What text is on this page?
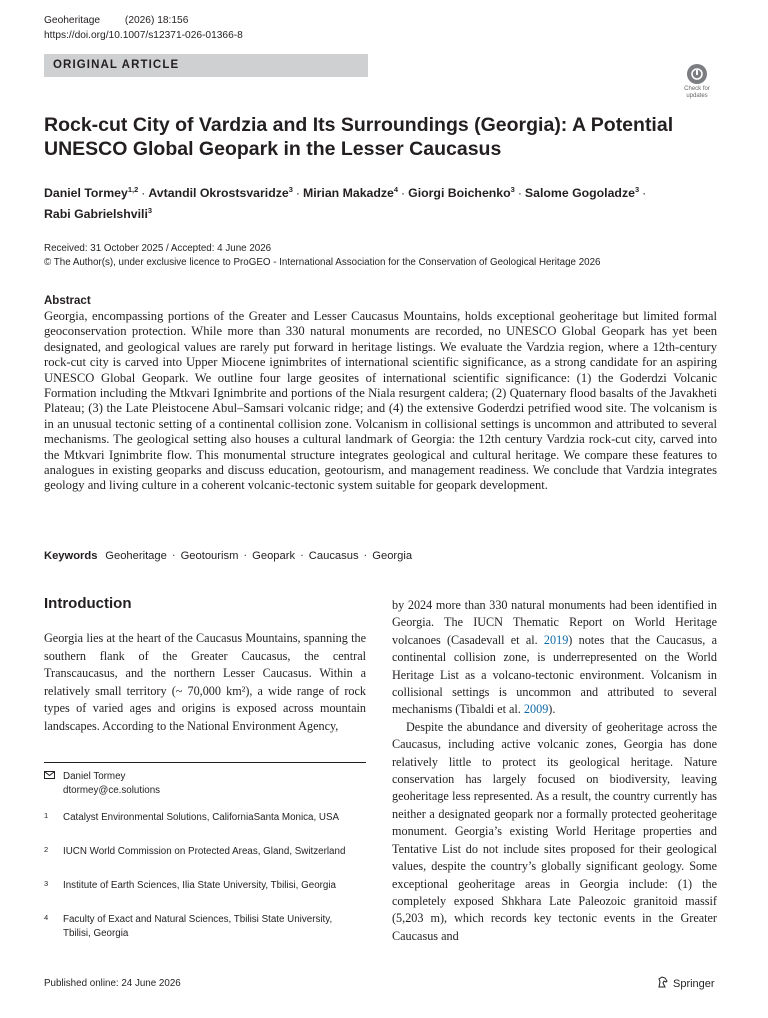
Geoheritage (2026) 18:156
https://doi.org/10.1007/s12371-026-01366-8
ORIGINAL ARTICLE
Check for
updates
Rock-cut City of Vardzia and Its Surroundings (Georgia): A Potential
UNESCO Global Geopark in the Lesser Caucasus
Daniel Tormey$^{1,2}$ · Avtandil Okrostsvaridze$^3$ · Mirian Makadze$^4$ · Giorgi Boichenko$^3$ · Salome Gogoladze$^3$ ·
Rabi Gabrielshvili$^3$
Received: 31 October 2025 / Accepted: 4 June 2026
© The Author(s), under exclusive licence to ProGEO - International Association for the Conservation of Geological Heritage 2026
Abstract

Georgia, encompassing portions of the Greater and Lesser Caucasus Mountains, holds exceptional geoheritage but limited formal geoconservation protection. While more than 330 natural monuments are recorded, no UNESCO Global Geopark has yet been designated, and geological values are rarely put forward in heritage listings. We evaluate the Vardzia region, where a 12th-century rock-cut city is carved into Upper Miocene ignimbrites of international scientific significance, as a strong candidate for an aspiring UNESCO Global Geopark. We outline four large geosites of international scientific significance: (1) the Goderdzi Volcanic Formation including the Mtkvari Ignimbrite and portions of the Niala resurgent caldera; (2) Quaternary flood basalts of the Javakheti Plateau; (3) the Late Pleistocene Abul–Samsari volcanic ridge; and (4) the extensive Goderdzi petrified wood site. The volcanism is in an unusual tectonic setting of a continental collision zone. Volcanism in collisional settings is uncommon and attributed to several mechanisms. The geological setting also houses a cultural landmark of Georgia: the 12th century Vardzia rock-cut city, carved into the Mtkvari Ignimbrite flow. This monumental structure integrates geological and cultural heritage. We compare these features to analogues in existing geoparks and discuss education, geotourism, and management readiness. We conclude that Vardzia integrates geology and living culture in a coherent volcanic-tectonic system suitable for geopark development.

Keywords Geoheritage · Geotourism · Geopark · Caucasus · Georgia
Introduction

Georgia lies at the heart of the Caucasus Mountains, spanning the southern flank of the Greater Caucasus, the central Transcaucasus, and the northern Lesser Caucasus. Within a relatively small territory (~ 70,000 km²), a wide range of rock types of varied ages and origins is exposed across mountain landscapes. According to the National Environment Agency,

by 2024 more than 330 natural monuments had been identified in Georgia. The IUCN Thematic Report on World Heritage volcanoes (Casadevall et al. 2019) notes that the Caucasus, a continental collision zone, is underrepresented on the World Heritage List as a volcano-tectonic environment. Volcanism in collisional settings is uncommon and attributed to several mechanisms (Tibaldi et al. 2009).

Despite the abundance and diversity of geoheritage across the Caucasus, including active volcanic zones, Georgia has done relatively little to protect its geological heritage. Nature conservation has largely focused on biodiversity, leaving geoheritage less represented. As a result, the country currently has neither a designated geopark nor a formally protected geoheritage monument. Georgia’s existing World Heritage properties and Tentative List do not include sites proposed for their geological values, despite the country’s globally significant geology. Some exceptional geoheritage areas in Georgia include: (1) the completely exposed Shkhara Late Paleozoic granitoid massif (5,203 m), which records key tectonic events in the Greater Caucasus and

Daniel Tormey
dtormey@ce.solutions
1 Catalyst Environmental Solutions, CaliforniaSanta Monica, USA
2 IUCN World Commission on Protected Areas, Gland, Switzerland
3 Institute of Earth Sciences, Ilia State University, Tbilisi, Georgia
4 Faculty of Exact and Natural Sciences, Tbilisi State University, Tbilisi, Georgia
Published online: 24 June 2026	Springer
